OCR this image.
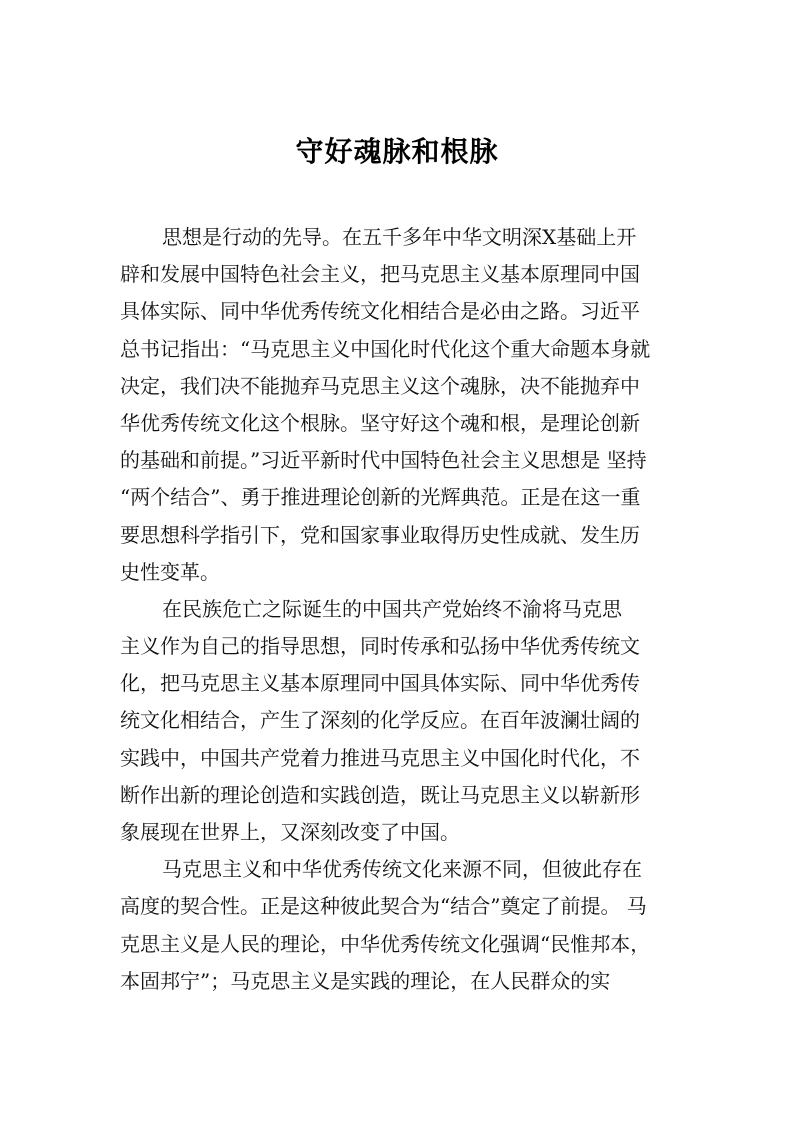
守好魂脉和根脉
思想是行动的先导。在五千多年中华文明深X基础上开
辟和发展中国特色社会主义，把马克思主义基本原理同中国
具体实际、同中华优秀传统文化相结合是必由之路。习近平
总书记指出：“马克思主义中国化时代化这个重大命题本身就
决定，我们决不能抛弃马克思主义这个魂脉，决不能抛弃中
华优秀传统文化这个根脉。坚守好这个魂和根，是理论创新
的基础和前提。”习近平新时代中国特色社会主义思想是 坚持
“两个结合”、勇于推进理论创新的光辉典范。正是在这一重
要思想科学指引下，党和国家事业取得历史性成就、发生历
史性变革。
在民族危亡之际诞生的中国共产党始终不渝将马克思
主义作为自己的指导思想，同时传承和弘扬中华优秀传统文
化，把马克思主义基本原理同中国具体实际、同中华优秀传
统文化相结合，产生了深刻的化学反应。在百年波澜壮阔的
实践中，中国共产党着力推进马克思主义中国化时代化，不
断作出新的理论创造和实践创造，既让马克思主义以崭新形
象展现在世界上，又深刻改变了中国。
马克思主义和中华优秀传统文化来源不同，但彼此存在
高度的契合性。正是这种彼此契合为“结合”奠定了前提。 马
克思主义是人民的理论，中华优秀传统文化强调“民惟邦本，
本固邦宁”；马克思主义是实践的理论，在人民群众的实
